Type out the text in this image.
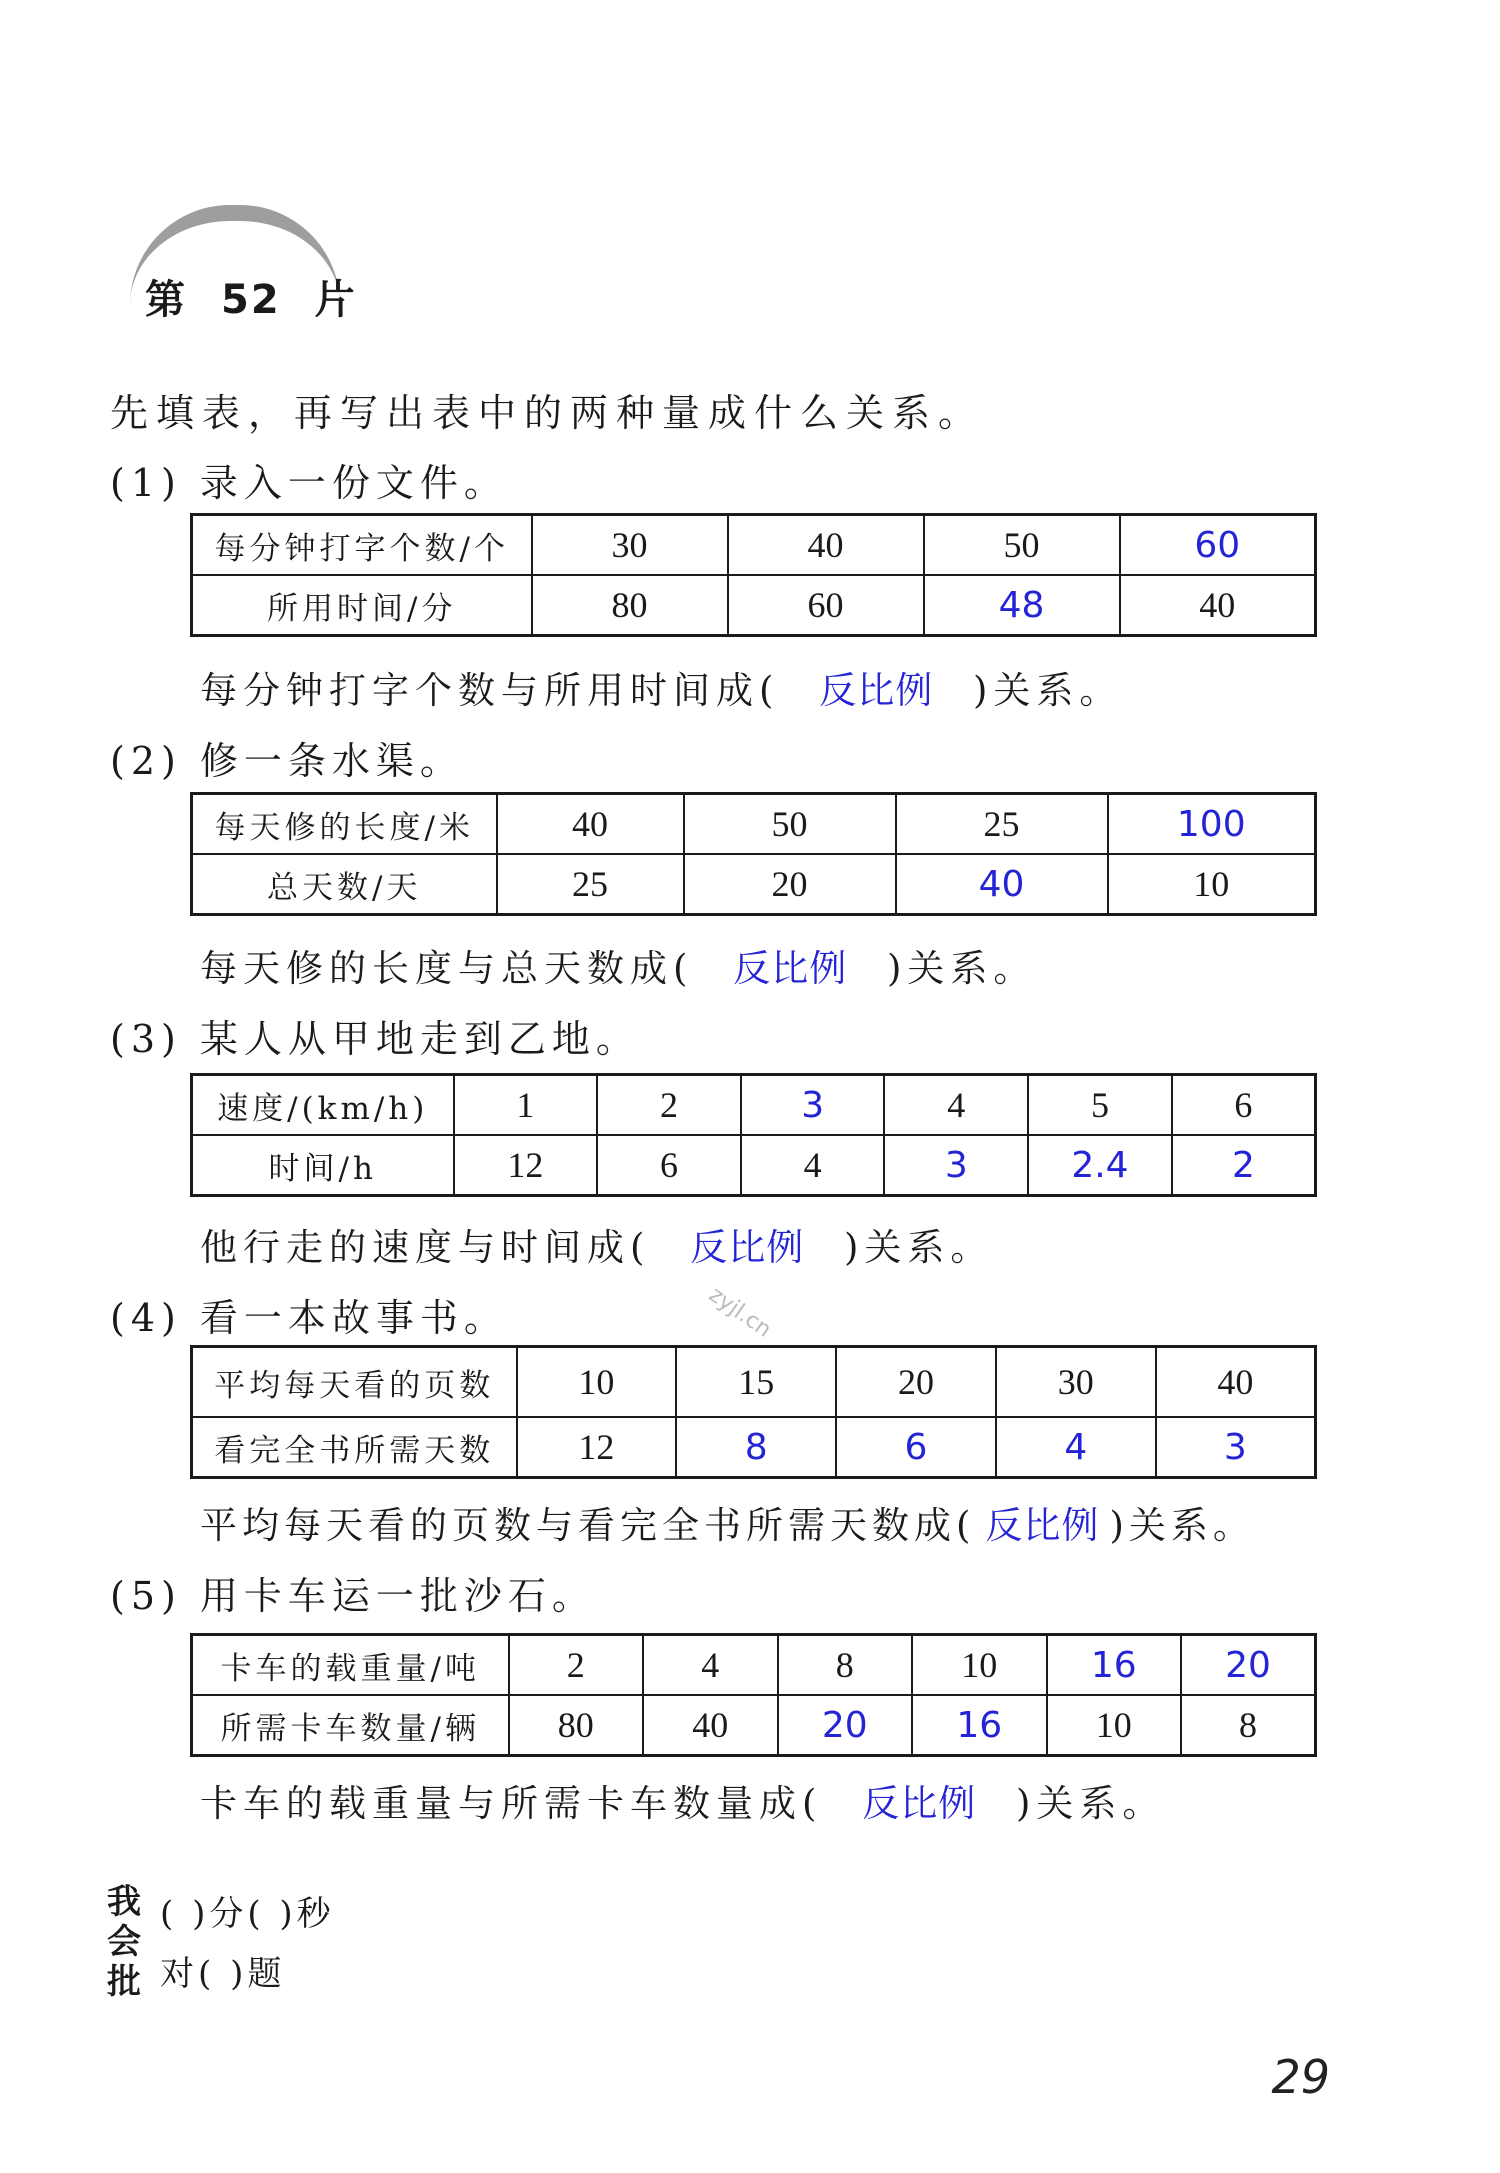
第 52 片
先填表，再写出表中的两种量成什么关系。
(1) 录入一份文件。
每分钟打字个数/个	30	40	50	60
所用时间/分	80	60	48	40
每分钟打字个数与所用时间成( 反比例 )关系。
(2) 修一条水渠。
每天修的长度/米	40	50	25	100
总天数/天	25	20	40	10
每天修的长度与总天数成( 反比例 )关系。
(3) 某人从甲地走到乙地。
速度/(km/h)	1	2	3	4	5	6
时间/h	12	6	4	3	2.4	2
他行走的速度与时间成( 反比例 )关系。
zyjl.cn
(4) 看一本故事书。
平均每天看的页数	10	15	20	30	40
看完全书所需天数	12	8	6	4	3
平均每天看的页数与看完全书所需天数成( 反比例 )关系。
(5) 用卡车运一批沙石。
卡车的载重量/吨	2	4	8	10	16	20
所需卡车数量/辆	80	40	20	16	10	8
卡车的载重量与所需卡车数量成( 反比例 )关系。
我
会
批
( )分( )秒
对( )题
29
